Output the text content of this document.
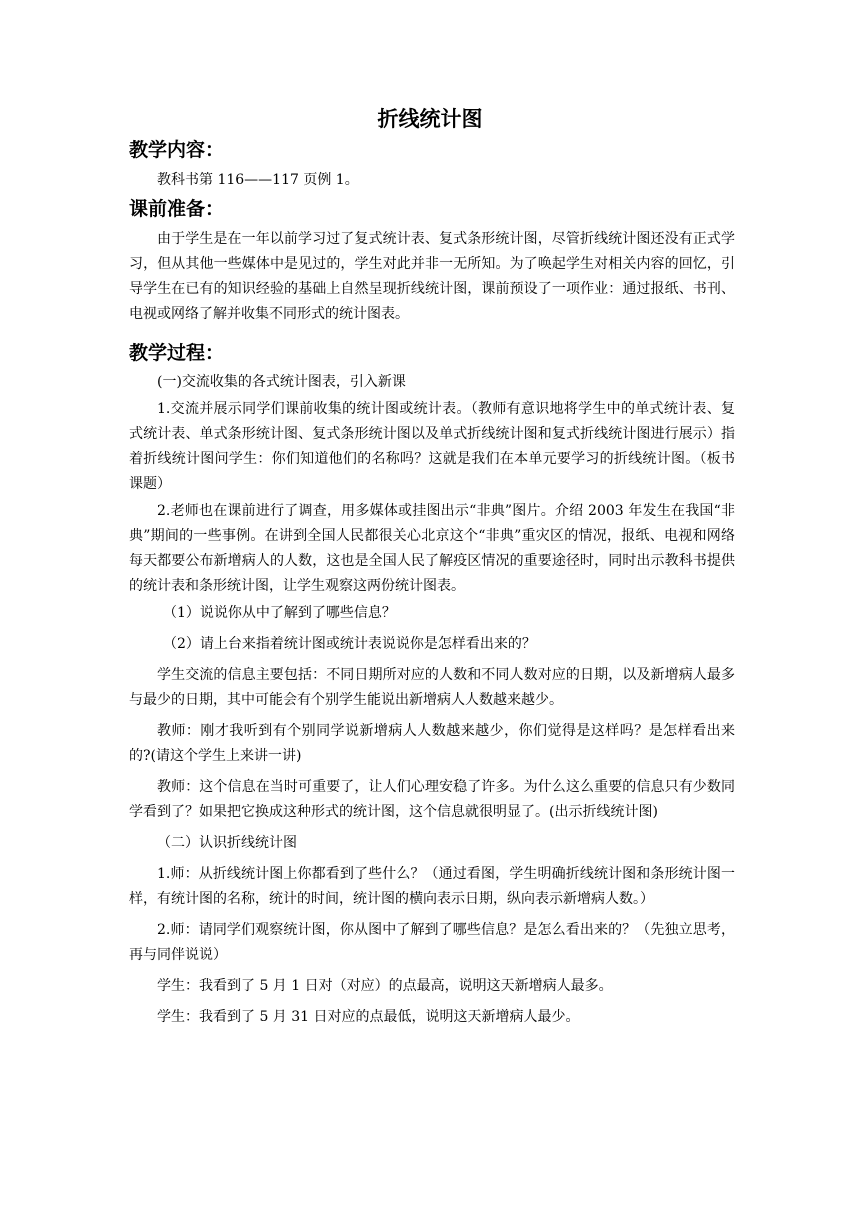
折线统计图
教学内容：

教科书第 116——117 页例 1。

课前准备：

由于学生是在一年以前学习过了复式统计表、复式条形统计图，尽管折线统计图还没有正式学习，但从其他一些媒体中是见过的，学生对此并非一无所知。为了唤起学生对相关内容的回忆，引导学生在已有的知识经验的基础上自然呈现折线统计图，课前预设了一项作业：通过报纸、书刊、电视或网络了解并收集不同形式的统计图表。

教学过程：

(一)交流收集的各式统计图表，引入新课

1.交流并展示同学们课前收集的统计图或统计表。（教师有意识地将学生中的单式统计表、复式统计表、单式条形统计图、复式条形统计图以及单式折线统计图和复式折线统计图进行展示）指着折线统计图问学生：你们知道他们的名称吗？这就是我们在本单元要学习的折线统计图。（板书课题）

2.老师也在课前进行了调查，用多媒体或挂图出示“非典”图片。介绍 2003 年发生在我国“非典”期间的一些事例。在讲到全国人民都很关心北京这个“非典”重灾区的情况，报纸、电视和网络每天都要公布新增病人的人数，这也是全国人民了解疫区情况的重要途径时，同时出示教科书提供的统计表和条形统计图，让学生观察这两份统计图表。

（1）说说你从中了解到了哪些信息？

（2）请上台来指着统计图或统计表说说你是怎样看出来的？

学生交流的信息主要包括：不同日期所对应的人数和不同人数对应的日期，以及新增病人最多与最少的日期，其中可能会有个别学生能说出新增病人人数越来越少。

教师：刚才我听到有个别同学说新增病人人数越来越少，你们觉得是这样吗？是怎样看出来的?(请这个学生上来讲一讲)

教师：这个信息在当时可重要了，让人们心理安稳了许多。为什么这么重要的信息只有少数同学看到了？如果把它换成这种形式的统计图，这个信息就很明显了。(出示折线统计图)

（二）认识折线统计图

1.师：从折线统计图上你都看到了些什么？（通过看图，学生明确折线统计图和条形统计图一样，有统计图的名称，统计的时间，统计图的横向表示日期，纵向表示新增病人数。）

2.师：请同学们观察统计图，你从图中了解到了哪些信息？是怎么看出来的？（先独立思考，再与同伴说说）

学生：我看到了 5 月 1 日对（对应）的点最高，说明这天新增病人最多。

学生：我看到了 5 月 31 日对应的点最低，说明这天新增病人最少。
